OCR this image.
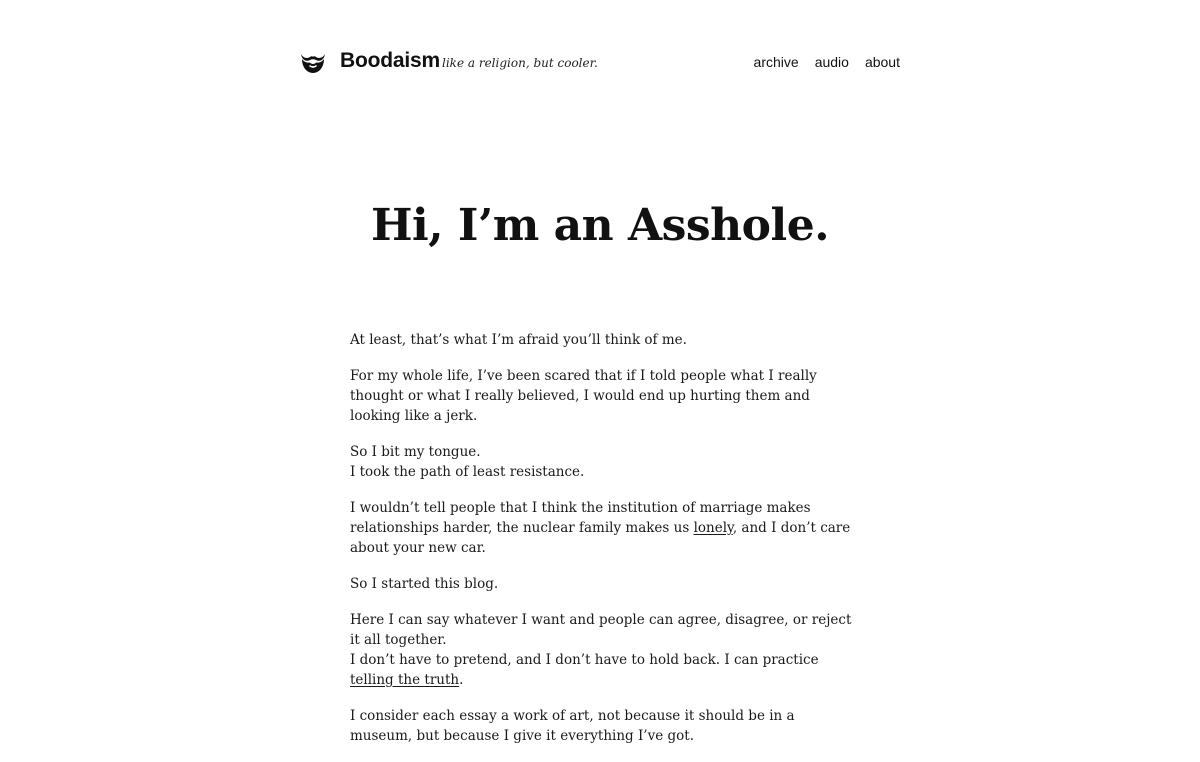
Boodaism like a religion, but cooler.	archive audio about
Hi, I’m an Asshole.

At least, that’s what I’m afraid you’ll think of me.

For my whole life, I’ve been scared that if I told people what I really thought or what I really believed, I would end up hurting them and looking like a jerk.

So I bit my tongue.
I took the path of least resistance.

I wouldn’t tell people that I think the institution of marriage makes relationships harder, the nuclear family makes us lonely, and I don’t care about your new car.

So I started this blog.

Here I can say whatever I want and people can agree, disagree, or reject it all together.
I don’t have to pretend, and I don’t have to hold back. I can practice telling the truth.

I consider each essay a work of art, not because it should be in a museum, but because I give it everything I’ve got.
